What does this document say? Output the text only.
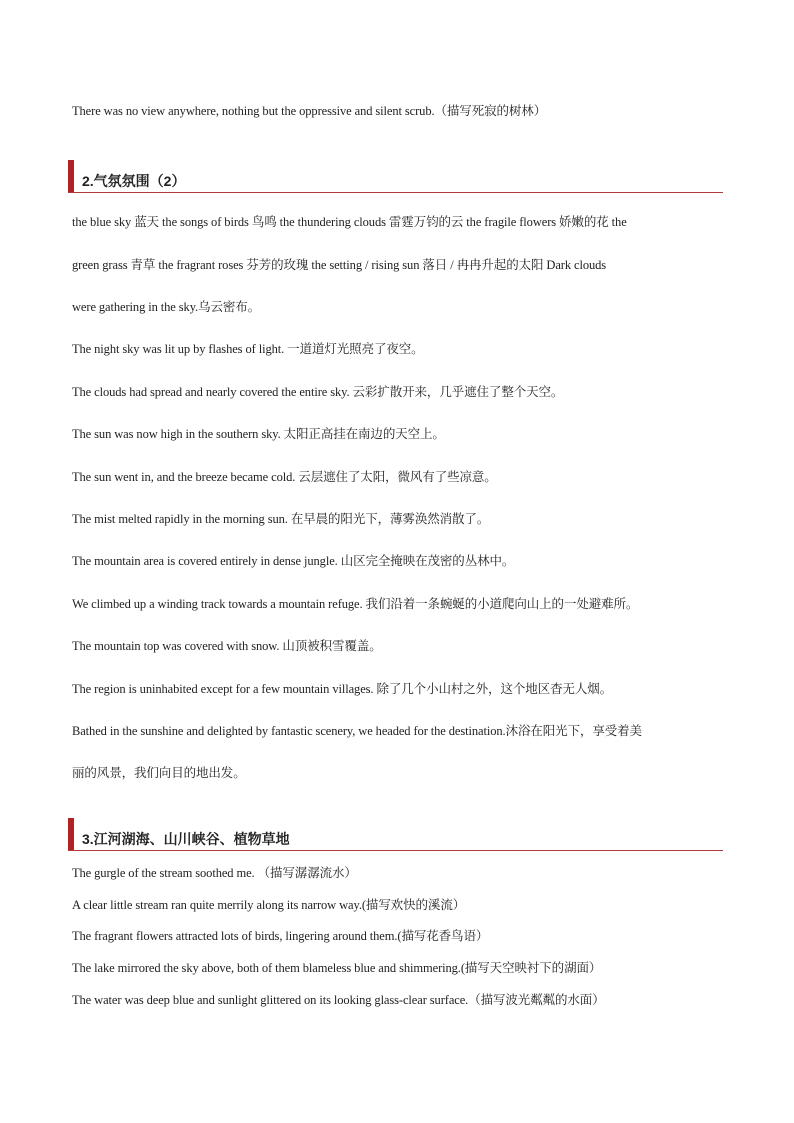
There was no view anywhere, nothing but the oppressive and silent scrub.（描写死寂的树林）
2.气氛氛围（2）
the blue sky 蓝天 the songs of birds 鸟鸣 the thundering clouds 雷霆万钧的云 the fragile flowers 娇嫩的花 the
green grass 青草 the fragrant roses 芬芳的玫瑰 the setting / rising sun 落日 / 冉冉升起的太阳 Dark clouds
were gathering in the sky.乌云密布。
The night sky was lit up by flashes of light. 一道道灯光照亮了夜空。
The clouds had spread and nearly covered the entire sky. 云彩扩散开来，几乎遮住了整个天空。
The sun was now high in the southern sky. 太阳正高挂在南边的天空上。
The sun went in, and the breeze became cold. 云层遮住了太阳，微风有了些凉意。
The mist melted rapidly in the morning sun. 在早晨的阳光下，薄雾涣然消散了。
The mountain area is covered entirely in dense jungle. 山区完全掩映在茂密的丛林中。
We climbed up a winding track towards a mountain refuge. 我们沿着一条蜿蜒的小道爬向山上的一处避难所。
The mountain top was covered with snow. 山顶被积雪覆盖。
The region is uninhabited except for a few mountain villages. 除了几个小山村之外，这个地区杳无人烟。
Bathed in the sunshine and delighted by fantastic scenery, we headed for the destination.沐浴在阳光下，享受着美
丽的风景，我们向目的地出发。
3.江河湖海、山川峡谷、植物草地
The gurgle of the stream soothed me. （描写潺潺流水）
A clear little stream ran quite merrily along its narrow way.(描写欢快的溪流）
The fragrant flowers attracted lots of birds, lingering around them.(描写花香鸟语）
The lake mirrored the sky above, both of them blameless blue and shimmering.(描写天空映衬下的湖面）
The water was deep blue and sunlight glittered on its looking glass-clear surface.（描写波光粼粼的水面）
